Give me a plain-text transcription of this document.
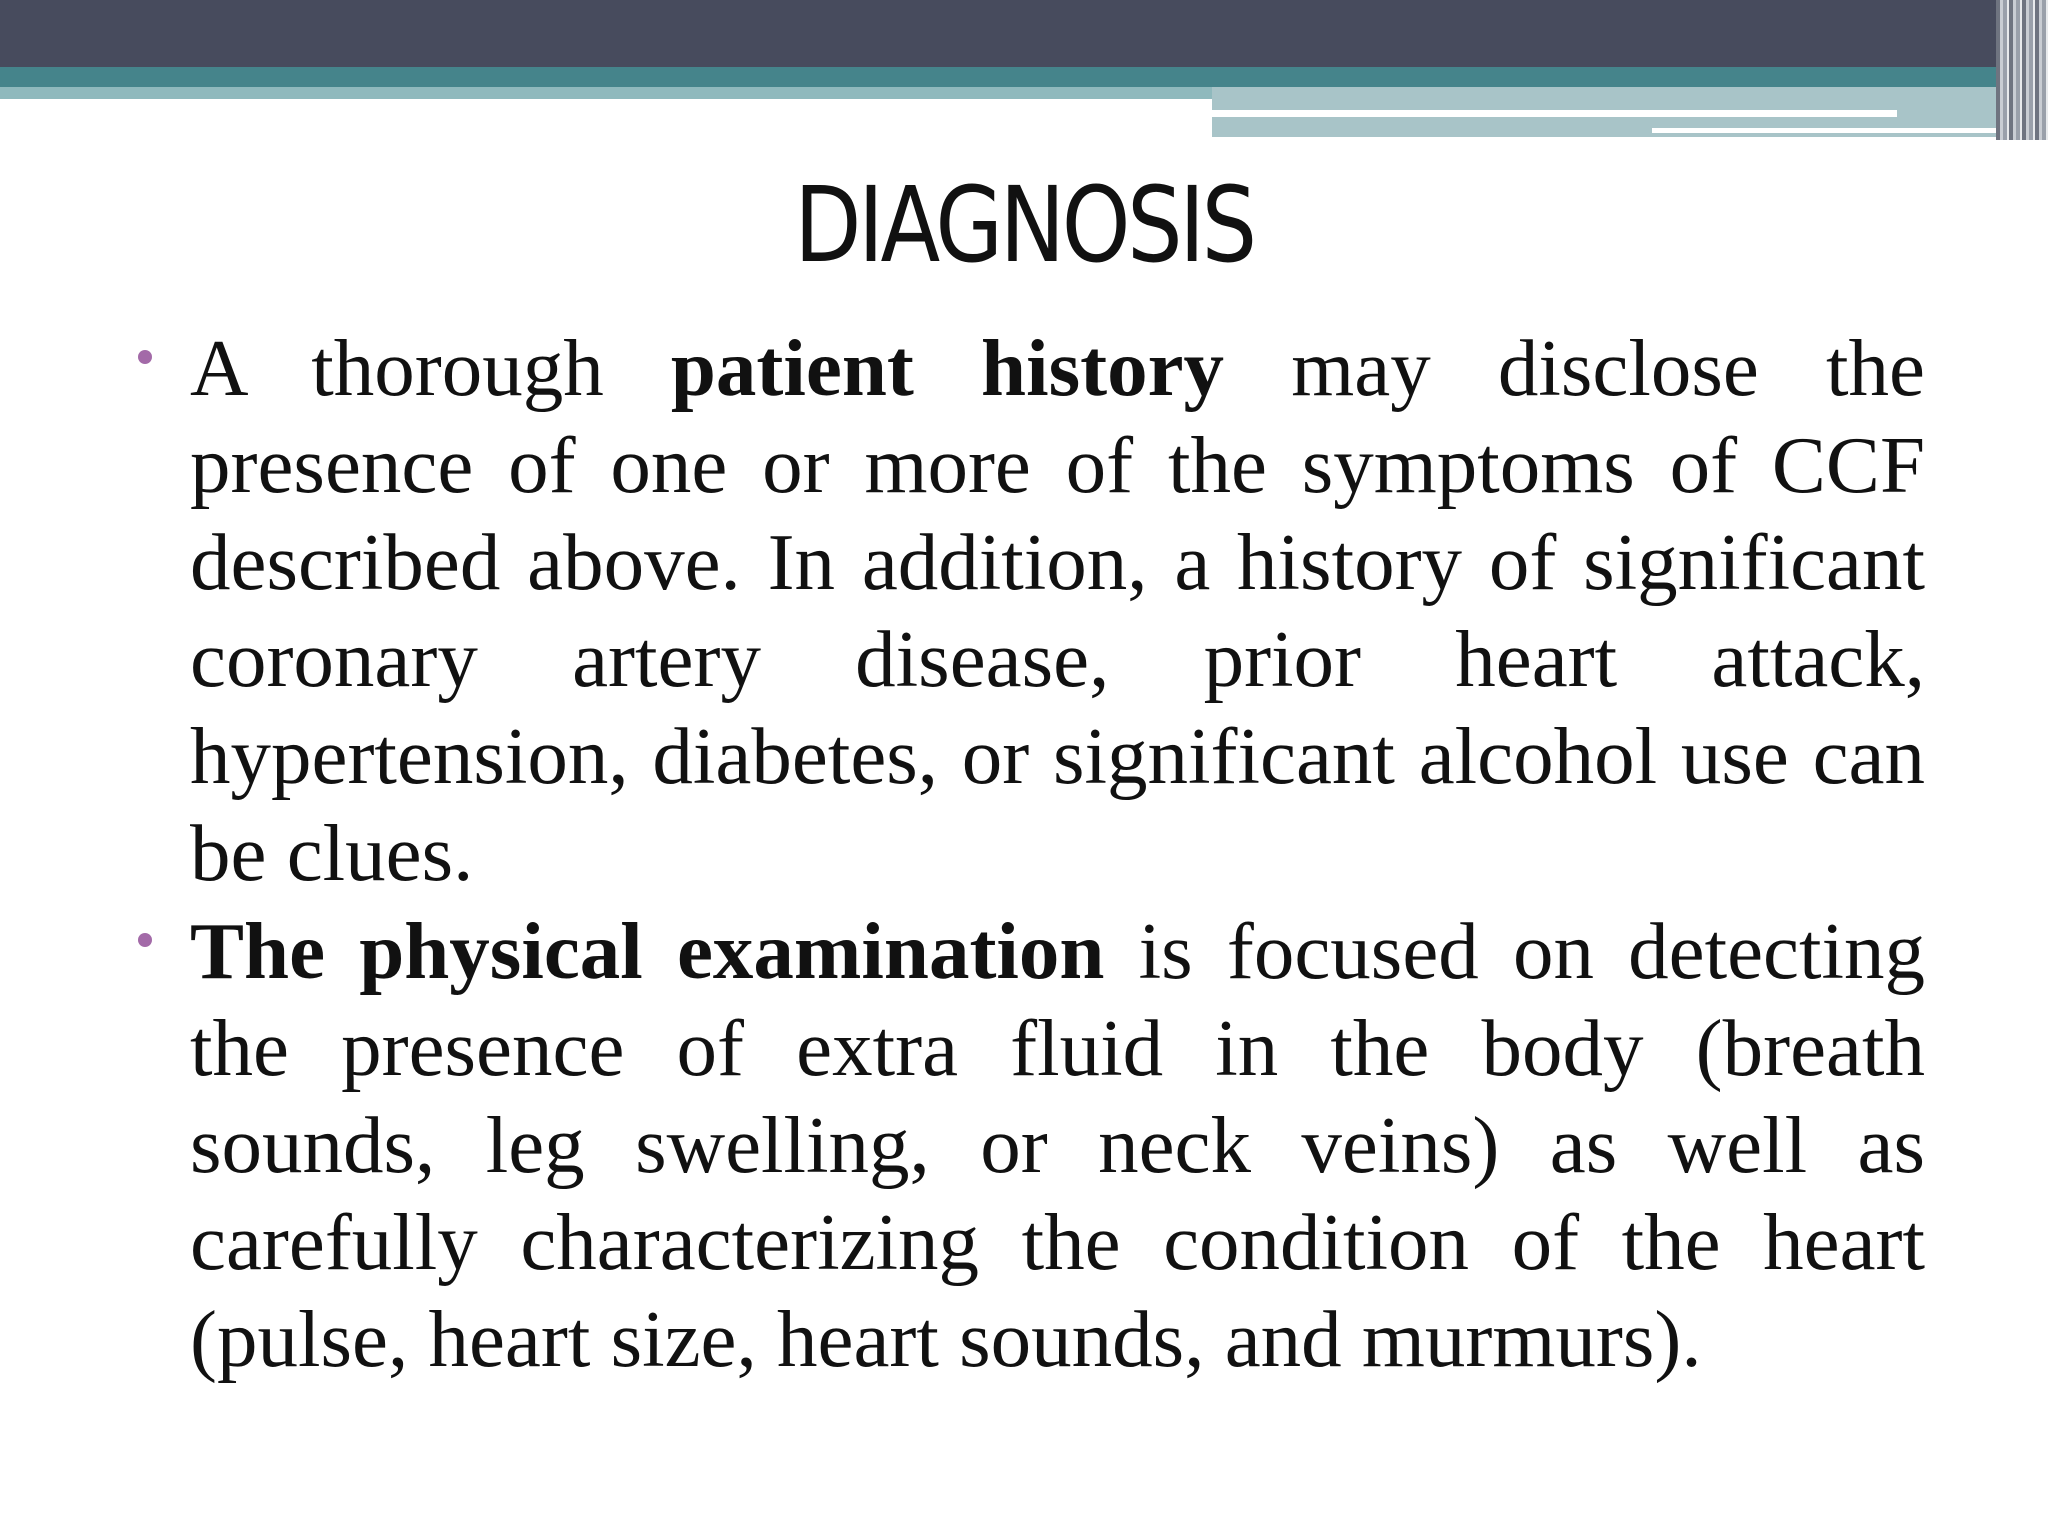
DIAGNOSIS
A thorough patient history may disclose the presence of one or more of the symptoms of CCF described above. In addition, a history of significant coronary artery disease, prior heart attack, hypertension, diabetes, or significant alcohol use can be clues.
The physical examination is focused on detecting the presence of extra fluid in the body (breath sounds, leg swelling, or neck veins) as well as carefully characterizing the condition of the heart (pulse, heart size, heart sounds, and murmurs).
